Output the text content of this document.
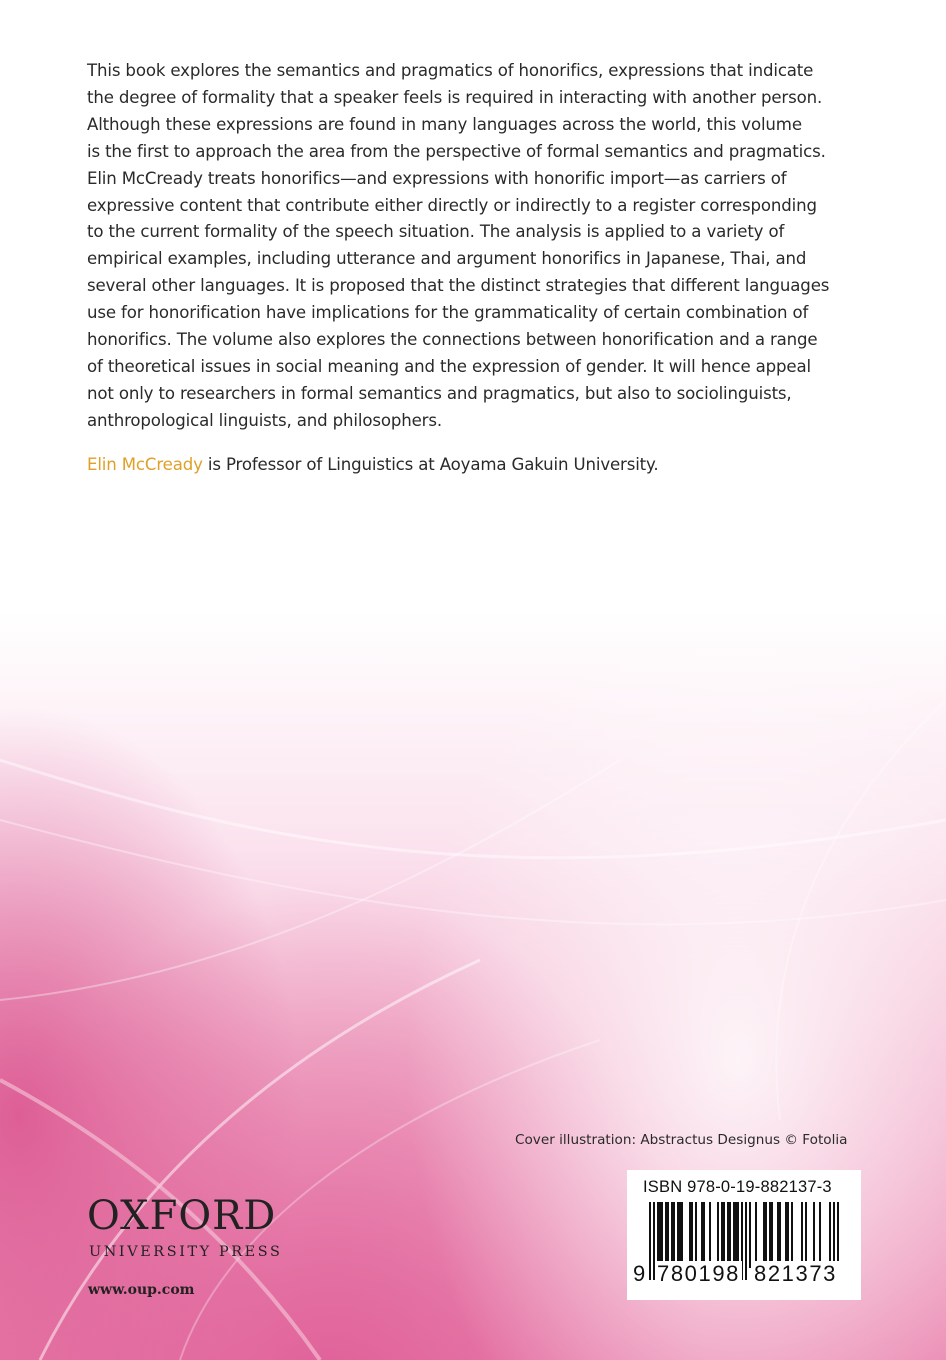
This book explores the semantics and pragmatics of honorifics, expressions that indicate
the degree of formality that a speaker feels is required in interacting with another person.
Although these expressions are found in many languages across the world, this volume
is the first to approach the area from the perspective of formal semantics and pragmatics.
Elin McCready treats honorifics—and expressions with honorific import—as carriers of
expressive content that contribute either directly or indirectly to a register corresponding
to the current formality of the speech situation. The analysis is applied to a variety of
empirical examples, including utterance and argument honorifics in Japanese, Thai, and
several other languages. It is proposed that the distinct strategies that different languages
use for honorification have implications for the grammaticality of certain combination of
honorifics. The volume also explores the connections between honorification and a range
of theoretical issues in social meaning and the expression of gender. It will hence appeal
not only to researchers in formal semantics and pragmatics, but also to sociolinguists,
anthropological linguists, and philosophers.
Elin McCready is Professor of Linguistics at Aoyama Gakuin University.
Cover illustration: Abstractus Designus © Fotolia
ISBN 978-0-19-882137-3
9 780198 821373
OXFORD
UNIVERSITY PRESS
www.oup.com
